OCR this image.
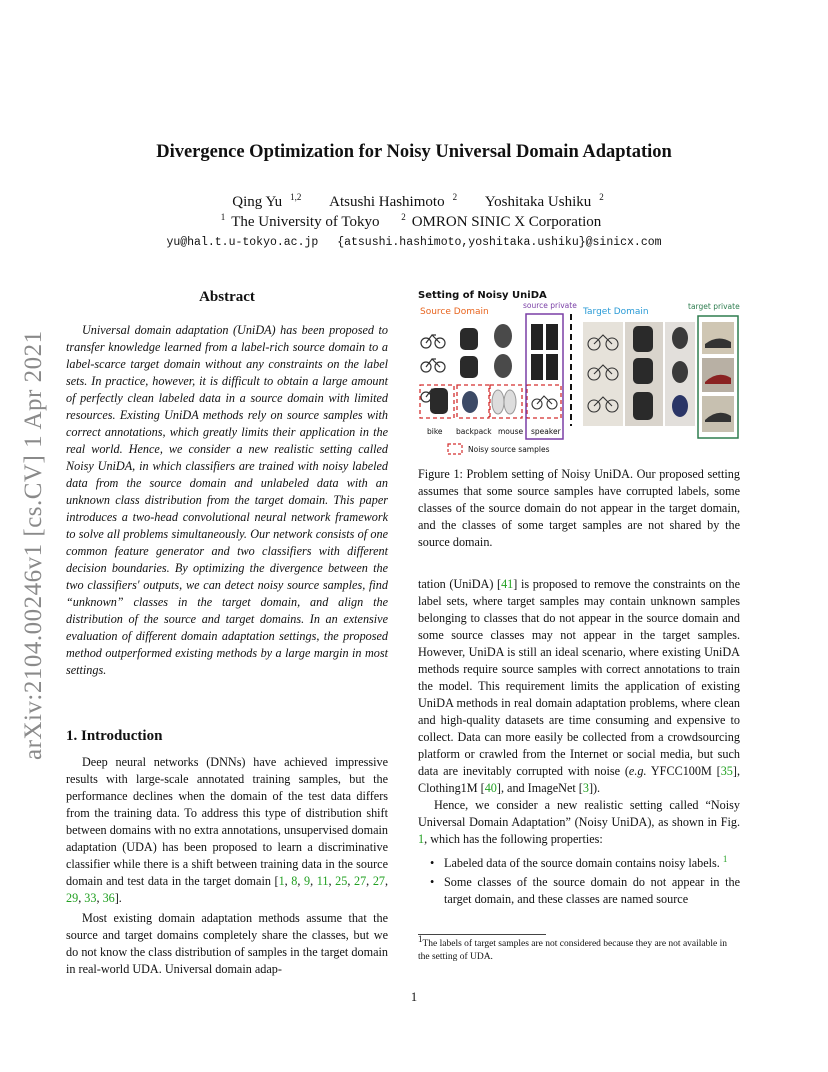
arXiv:2104.00246v1 [cs.CV] 1 Apr 2021
Divergence Optimization for Noisy Universal Domain Adaptation
Qing Yu $^{1,2}$ Atsushi Hashimoto $^2$ Yoshitaka Ushiku $^2$
$^1$ The University of Tokyo $^2$ OMRON SINIC X Corporation
yu@hal.t.u-tokyo.ac.jp {atsushi.hashimoto,yoshitaka.ushiku}@sinicx.com
Abstract

Universal domain adaptation (UniDA) has been proposed to transfer knowledge learned from a label-rich source domain to a label-scarce target domain without any constraints on the label sets. In practice, however, it is difficult to obtain a large amount of perfectly clean labeled data in a source domain with limited resources. Existing UniDA methods rely on source samples with correct annotations, which greatly limits their application in the real world. Hence, we consider a new realistic setting called Noisy UniDA, in which classifiers are trained with noisy labeled data from the source domain and unlabeled data with an unknown class distribution from the target domain. This paper introduces a two-head convolutional neural network framework to solve all problems simultaneously. Our network consists of one common feature generator and two classifiers with different decision boundaries. By optimizing the divergence between the two classifiers' outputs, we can detect noisy source samples, find “unknown” classes in the target domain, and align the distribution of the source and target domains. In an extensive evaluation of different domain adaptation settings, the proposed method outperformed existing methods by a large margin in most settings.

1. Introduction

Deep neural networks (DNNs) have achieved impressive results with large-scale annotated training samples, but the performance declines when the domain of the test data differs from the training data. To address this type of distribution shift between domains with no extra annotations, unsupervised domain adaptation (UDA) has been proposed to learn a discriminative classifier while there is a shift between training data in the source domain and test data in the target domain [1, 8, 9, 11, 25, 27, 27, 29, 33, 36].

Most existing domain adaptation methods assume that the source and target domains completely share the classes, but we do not know the class distribution of samples in the target domain in real-world UDA. Universal domain adap-

Setting of Noisy UniDA
Source Domain
source private
Target Domain
target private
bike backpack mouse speaker
Noisy source samples

Figure 1: Problem setting of Noisy UniDA. Our proposed setting assumes that some source samples have corrupted labels, some classes of the source domain do not appear in the target domain, and the classes of some target samples are not shared by the source domain.

tation (UniDA) [41] is proposed to remove the constraints on the label sets, where target samples may contain unknown samples belonging to classes that do not appear in the source domain and some source classes may not appear in the target samples. However, UniDA is still an ideal scenario, where existing UniDA methods require source samples with correct annotations to train the model. This requirement limits the application of existing UniDA methods in real domain adaptation problems, where clean and high-quality datasets are time consuming and expensive to collect. Data can more easily be collected from a crowdsourcing platform or crawled from the Internet or social media, but such data are inevitably corrupted with noise (e.g. YFCC100M [35], Clothing1M [40], and ImageNet [3]).

Hence, we consider a new realistic setting called “Noisy Universal Domain Adaptation” (Noisy UniDA), as shown in Fig. 1, which has the following properties:

• Labeled data of the source domain contains noisy labels. $^1$
• Some classes of the source domain do not appear in the target domain, and these classes are named source

$^1$The labels of target samples are not considered because they are not available in the setting of UDA.

1
